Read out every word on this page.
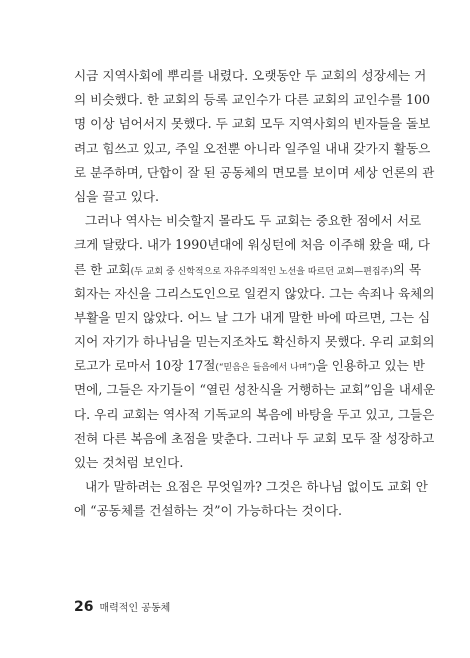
시금 지역사회에 뿌리를 내렸다. 오랫동안 두 교회의 성장세는 거
의 비슷했다. 한 교회의 등록 교인수가 다른 교회의 교인수를 100
명 이상 넘어서지 못했다. 두 교회 모두 지역사회의 빈자들을 돌보
려고 힘쓰고 있고, 주일 오전뿐 아니라 일주일 내내 갖가지 활동으
로 분주하며, 단합이 잘 된 공동체의 면모를 보이며 세상 언론의 관
심을 끌고 있다.
그러나 역사는 비슷할지 몰라도 두 교회는 중요한 점에서 서로
크게 달랐다. 내가 1990년대에 워싱턴에 처음 이주해 왔을 때, 다
른 한 교회(두 교회 중 신학적으로 자유주의적인 노선을 따르던 교회—편집주)의 목
회자는 자신을 그리스도인으로 일컫지 않았다. 그는 속죄나 육체의
부활을 믿지 않았다. 어느 날 그가 내게 말한 바에 따르면, 그는 심
지어 자기가 하나님을 믿는지조차도 확신하지 못했다. 우리 교회의
로고가 로마서 10장 17절(“믿음은 들음에서 나며”)을 인용하고 있는 반
면에, 그들은 자기들이 “열린 성찬식을 거행하는 교회”임을 내세운
다. 우리 교회는 역사적 기독교의 복음에 바탕을 두고 있고, 그들은
전혀 다른 복음에 초점을 맞춘다. 그러나 두 교회 모두 잘 성장하고
있는 것처럼 보인다.
내가 말하려는 요점은 무엇일까? 그것은 하나님 없이도 교회 안
에 “공동체를 건설하는 것”이 가능하다는 것이다.
26 매력적인 공동체
